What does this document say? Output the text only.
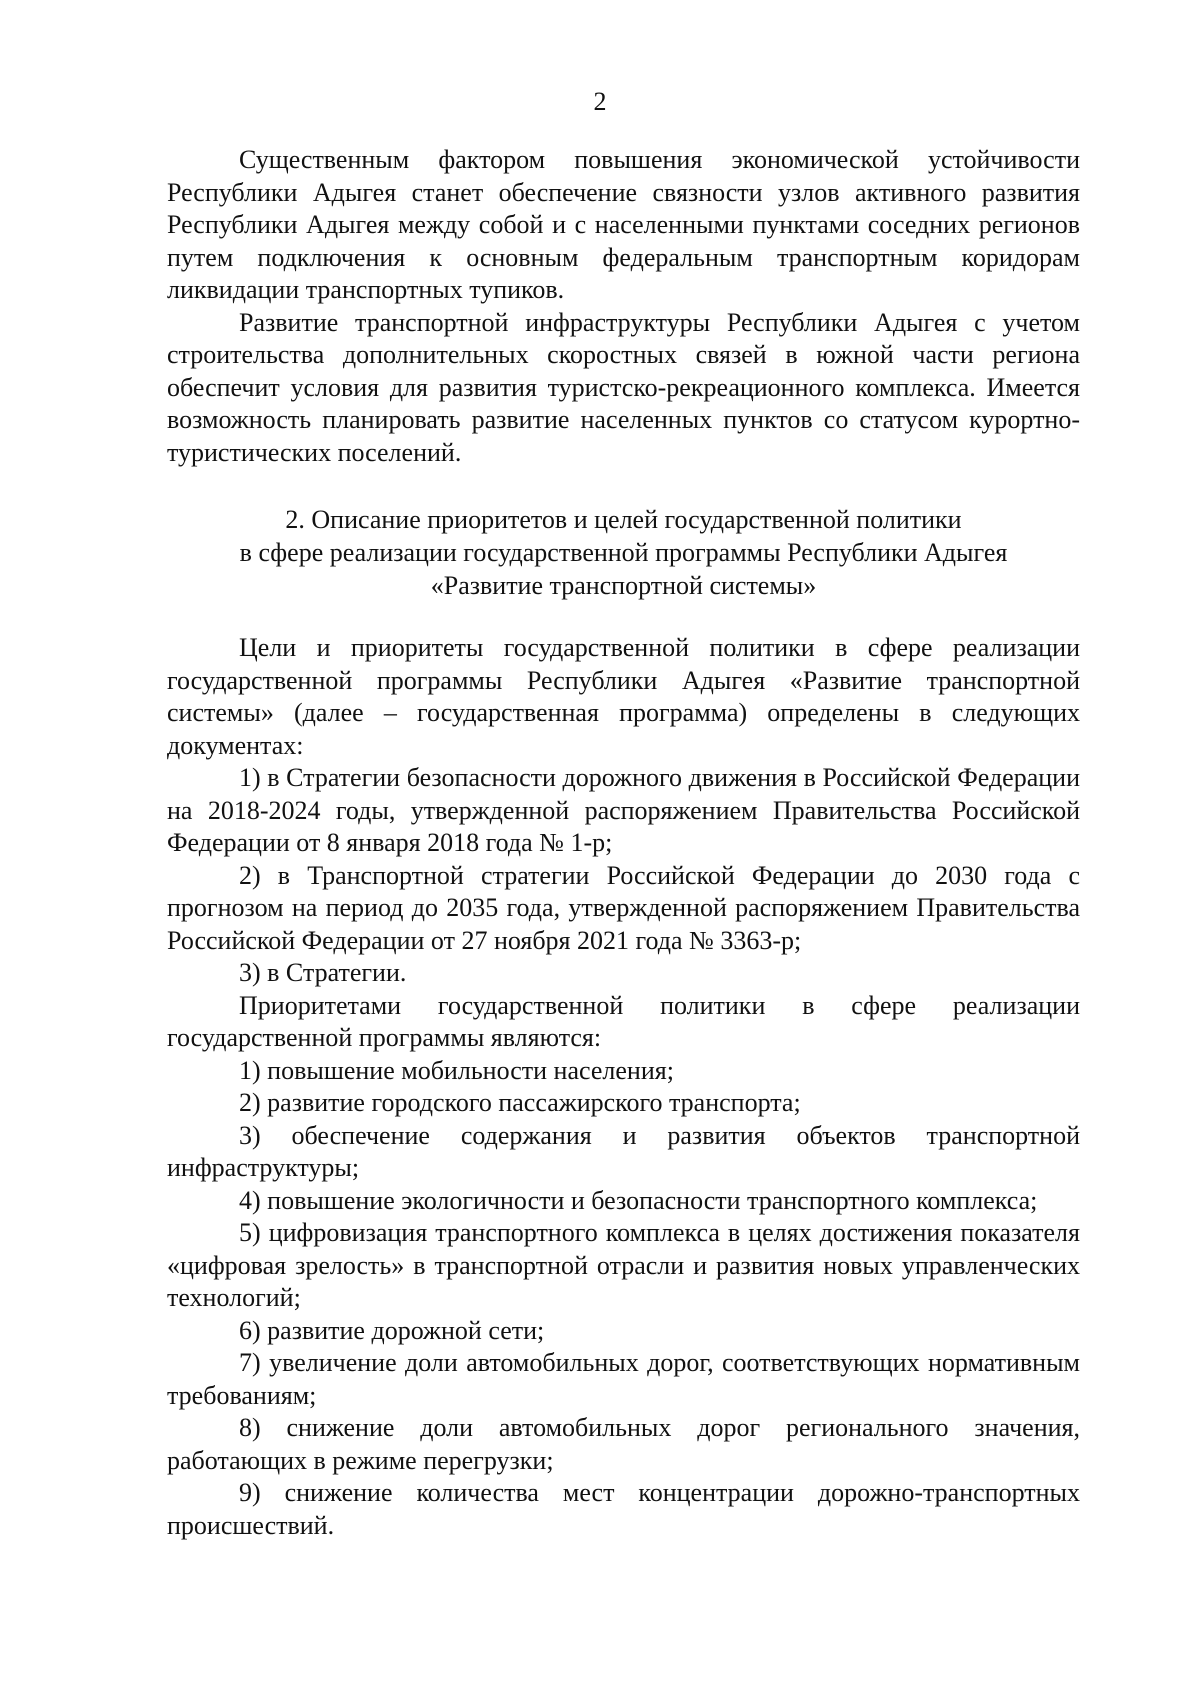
2

Существенным фактором повышения экономической устойчивости Республики Адыгея станет обеспечение связности узлов активного развития Республики Адыгея между собой и с населенными пунктами соседних регионов путем подключения к основным федеральным транспортным коридорам ликвидации транспортных тупиков.

Развитие транспортной инфраструктуры Республики Адыгея с учетом строительства дополнительных скоростных связей в южной части региона обеспечит условия для развития туристско-рекреационного комплекса. Имеется возможность планировать развитие населенных пунктов со статусом курортно-туристических поселений.

2. Описание приоритетов и целей государственной политики
в сфере реализации государственной программы Республики Адыгея
«Развитие транспортной системы»

Цели и приоритеты государственной политики в сфере реализации государственной программы Республики Адыгея «Развитие транспортной системы» (далее – государственная программа) определены в следующих документах:

1) в Стратегии безопасности дорожного движения в Российской Федерации на 2018-2024 годы, утвержденной распоряжением Правительства Российской Федерации от 8 января 2018 года № 1-р;

2) в Транспортной стратегии Российской Федерации до 2030 года с прогнозом на период до 2035 года, утвержденной распоряжением Правительства Российской Федерации от 27 ноября 2021 года № 3363-р;

3) в Стратегии.

Приоритетами государственной политики в сфере реализации государственной программы являются:

1) повышение мобильности населения;

2) развитие городского пассажирского транспорта;

3) обеспечение содержания и развития объектов транспортной инфраструктуры;

4) повышение экологичности и безопасности транспортного комплекса;

5) цифровизация транспортного комплекса в целях достижения показателя «цифровая зрелость» в транспортной отрасли и развития новых управленческих технологий;

6) развитие дорожной сети;

7) увеличение доли автомобильных дорог, соответствующих нормативным требованиям;

8) снижение доли автомобильных дорог регионального значения, работающих в режиме перегрузки;

9) снижение количества мест концентрации дорожно-транспортных происшествий.
